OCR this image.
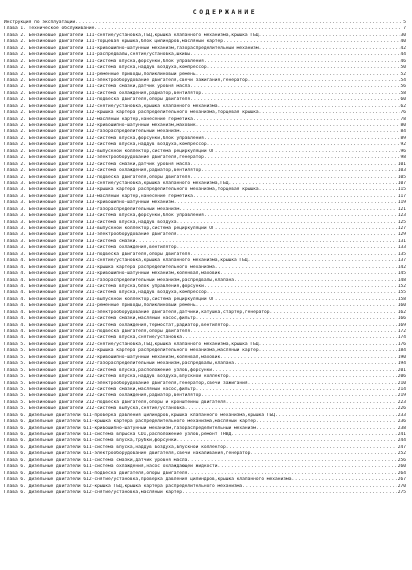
СОДЕРЖАНИЕ
Инструкция по эксплуатации .....	5
Глава 1. Техническое обслуживание .....	7
Глава 2. Бензиновые двигатели 1I1-снятие/установка,ГБЦ,крышка клапанного механизма,крышка ГБЦ .....	30
Глава 2. Бензиновые двигатели 1I1-торцевая крышка,блок цилиндров,масляный картер .....	40
Глава 2. Бензиновые двигатели 1I1-кривошипно-шатунный механизм,газораспределительный механизм .....	42
Глава 2. Бензиновые двигатели 1I1-распредвалы,снятие/установка,шкивы .....	44
Глава 2. Бензиновые двигатели 1I1-система впуска,форсунки,блок управления .....	46
Глава 2. Бензиновые двигатели 1I1-система впуска,наддув воздуха,компрессор .....	50
Глава 2. Бензиновые двигатели 1I1-ремённые приводы,поликлиновый ремень .....	52
Глава 2. Бензиновые двигатели 1I1-электрооборудование двигателя,свечи зажигания,генератор .....	54
Глава 2. Бензиновые двигатели 1I1-система смазки,датчик уровня масла .....	56
Глава 2. Бензиновые двигатели 1I1-система охлаждения,радиатор,вентилятор .....	58
Глава 2. Бензиновые двигатели 1I1-подвеска двигателя,опоры двигателя .....	60
Глава 2. Бензиновые двигатели 1I2-снятие/установка,крышка клапанного механизма .....	62
Глава 2. Бензиновые двигатели 1I2-крышка картера распределительного механизма,торцевая крышка .....	76
Глава 2. Бензиновые двигатели 1I2-масляный картер,нанесение герметика .....	78
Глава 2. Бензиновые двигатели 1I2-кривошипно-шатунный механизм,маховик .....	80
Глава 2. Бензиновые двигатели 1I2-газораспределительный механизм .....	84
Глава 2. Бензиновые двигатели 1I2-система впуска,форсунки,блок управления .....	89
Глава 2. Бензиновые двигатели 1I2-система впуска,наддув воздуха,компрессор .....	92
Глава 2. Бензиновые двигатели 1I2-выпускной коллектор,система рециркуляции ОГ .....	96
Глава 2. Бензиновые двигатели 1I2-электрооборудование двигателя,генератор .....	98
Глава 2. Бензиновые двигатели 1I2-система смазки,датчик уровня масла .....	101
Глава 2. Бензиновые двигатели 1I2-система охлаждения,радиатор,вентилятор .....	103
Глава 2. Бензиновые двигатели 1I2-подвеска двигателя,опоры двигателя .....	105
Глава 3. Бензиновые двигатели 1I3-снятие/установка,крышка клапанного механизма,ГБЦ .....	107
Глава 3. Бензиновые двигатели 1I3-крышка картера распределительного механизма,торцевая крышка .....	115
Глава 3. Бензиновые двигатели 1I3-масляный картер,нанесение герметика .....	117
Глава 3. Бензиновые двигатели 1I3-кривошипно-шатунный механизм .....	119
Глава 3. Бензиновые двигатели 1I3-газораспределительный механизм .....	121
Глава 3. Бензиновые двигатели 1I3-система впуска,форсунки,блок управления .....	123
Глава 3. Бензиновые двигатели 1I3-система впуска,наддув воздуха .....	125
Глава 3. Бензиновые двигатели 1I3-выпускной коллектор,система рециркуляции ОГ .....	127
Глава 3. Бензиновые двигатели 1I3-электрооборудование двигателя .....	129
Глава 3. Бензиновые двигатели 1I3-система смазки .....	131
Глава 3. Бензиновые двигатели 1I3-система охлаждения,вентилятор .....	133
Глава 3. Бензиновые двигатели 1I3-подвеска двигателя,опоры двигателя .....	135
Глава 4. Бензиновые двигатели 2I1-снятие/установка,крышка клапанного механизма,крышка ГБЦ .....	137
Глава 4. Бензиновые двигатели 2I1-крышка картера распределительного механизма .....	142
Глава 4. Бензиновые двигатели 2I1-кривошипно-шатунный механизм,коленвал,маховик .....	145
Глава 4. Бензиновые двигатели 2I1-газораспределительный механизм,распредвалы,клапана .....	148
Глава 4. Бензиновые двигатели 2I1-система впуска,блок управления,форсунки .....	152
Глава 4. Бензиновые двигатели 2I1-система впуска,наддув воздуха,компрессор .....	155
Глава 4. Бензиновые двигатели 2I1-выпускной коллектор,система рециркуляции ОГ .....	158
Глава 4. Бензиновые двигатели 2I1-ремённые приводы,поликлиновый ремень .....	160
Глава 4. Бензиновые двигатели 2I1-электрооборудование двигателя,датчики,катушка,стартер,генератор .....	162
Глава 4. Бензиновые двигатели 2I1-система смазки,масляный насос,фильтр .....	166
Глава 4. Бензиновые двигатели 2I1-система охлаждения,термостат,радиатор,вентилятор .....	169
Глава 4. Бензиновые двигатели 2I1-подвеска двигателя,опоры двигателя .....	172
Глава 4. Бензиновые двигатели 2I1-система впуска,снятие/установка .....	174
Глава 5. Бензиновые двигатели 2I2-снятие/установка,ГБЦ,крышка клапанного механизма,крышка ГБЦ .....	176
Глава 5. Бензиновые двигатели 2I2-крышка картера распределительного механизма,масляный картер .....	184
Глава 5. Бензиновые двигатели 2I2-кривошипно-шатунный механизм,коленвал,маховик .....	190
Глава 5. Бензиновые двигатели 2I2-газораспределительный механизм,распредвалы,клапана .....	194
Глава 5. Бензиновые двигатели 2I2-система впуска,расположение узлов,форсунки .....	201
Глава 5. Бензиновые двигатели 2I2-система впуска,наддув воздуха,впускной коллектор .....	206
Глава 5. Бензиновые двигатели 2I2-электрооборудование двигателя,генератор,свечи зажигания .....	210
Глава 5. Бензиновые двигатели 2I2-система смазки,масляный насос,фильтр .....	214
Глава 5. Бензиновые двигатели 2I2-система охлаждения,радиатор,вентилятор .....	219
Глава 5. Бензиновые двигатели 2I2-подвеска двигателя,опоры и кронштейны двигателя .....	223
Глава 5. Бензиновые двигатели 2I2-система выпуска,снятие/установка .....	226
Глава 6. Дизельные двигатели 6I1-проверка давления цилиндров,крышка клапанного механизма,крышка ГБЦ .....	233
Глава 6. Дизельные двигатели 6I1-крышка картера распределительного механизма,масляный картер .....	236
Глава 6. Дизельные двигатели 6I1-кривошипно-шатунный механизм,газораспределительный механизм .....	238
Глава 6. Дизельные двигатели 6I1-система впрыска CDI,расположение узлов,ремонт ТНВД .....	241
Глава 6. Дизельные двигатели 6I1-система впуска,трубки,форсунки .....	244
Глава 6. Дизельные двигатели 6I1-система впуска,наддув воздуха,впускной коллектор .....	247
Глава 6. Дизельные двигатели 6I1-электрооборудование двигателя,свечи накаливания,генератор .....	252
Глава 6. Дизельные двигатели 6I1-система смазки,датчик уровня масла .....	256
Глава 6. Дизельные двигатели 6I1-система охлаждения,насос охлаждающей жидкости .....	260
Глава 6. Дизельные двигатели 6I1-подвеска двигателя,опоры двигателя .....	264
Глава 6. Дизельные двигатели 6I2-снятие/установка,проверка давления цилиндров,крышка клапанного механизма .....	267
Глава 6. Дизельные двигатели 6I2-крышка ГБЦ,крышка картера распределительного механизма .....	270
Глава 6. Дизельные двигатели 6I2-снятие/установка,масляный картер .....	275
